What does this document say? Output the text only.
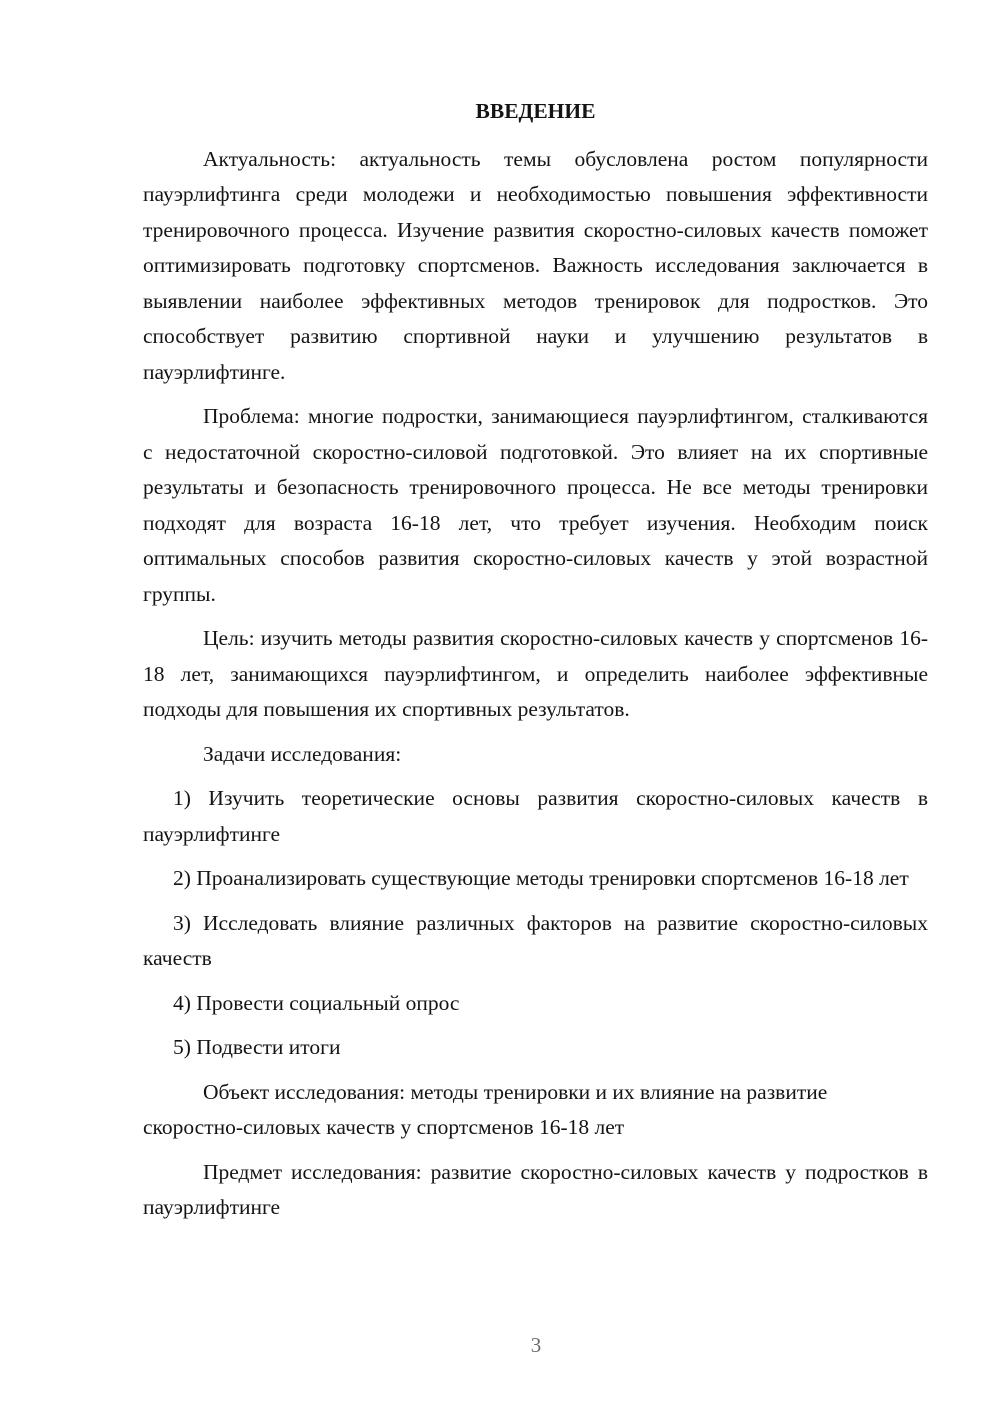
ВВЕДЕНИЕ

Актуальность: актуальность темы обусловлена ростом популярности пауэрлифтинга среди молодежи и необходимостью повышения эффективности тренировочного процесса. Изучение развития скоростно-силовых качеств поможет оптимизировать подготовку спортсменов. Важность исследования заключается в выявлении наиболее эффективных методов тренировок для подростков. Это способствует развитию спортивной науки и улучшению результатов в пауэрлифтинге.

Проблема: многие подростки, занимающиеся пауэрлифтингом, сталкиваются с недостаточной скоростно-силовой подготовкой. Это влияет на их спортивные результаты и безопасность тренировочного процесса. Не все методы тренировки подходят для возраста 16-18 лет, что требует изучения. Необходим поиск оптимальных способов развития скоростно-силовых качеств у этой возрастной группы.

Цель: изучить методы развития скоростно-силовых качеств у спортсменов 16-18 лет, занимающихся пауэрлифтингом, и определить наиболее эффективные подходы для повышения их спортивных результатов.

Задачи исследования:

1) Изучить теоретические основы развития скоростно-силовых качеств в пауэрлифтинге

2) Проанализировать существующие методы тренировки спортсменов 16-18 лет

3) Исследовать влияние различных факторов на развитие скоростно-силовых качеств

4) Провести социальный опрос

5) Подвести итоги

Объект исследования: методы тренировки и их влияние на развитие скоростно-силовых качеств у спортсменов 16-18 лет

Предмет исследования: развитие скоростно-силовых качеств у подростков в пауэрлифтинге

3
